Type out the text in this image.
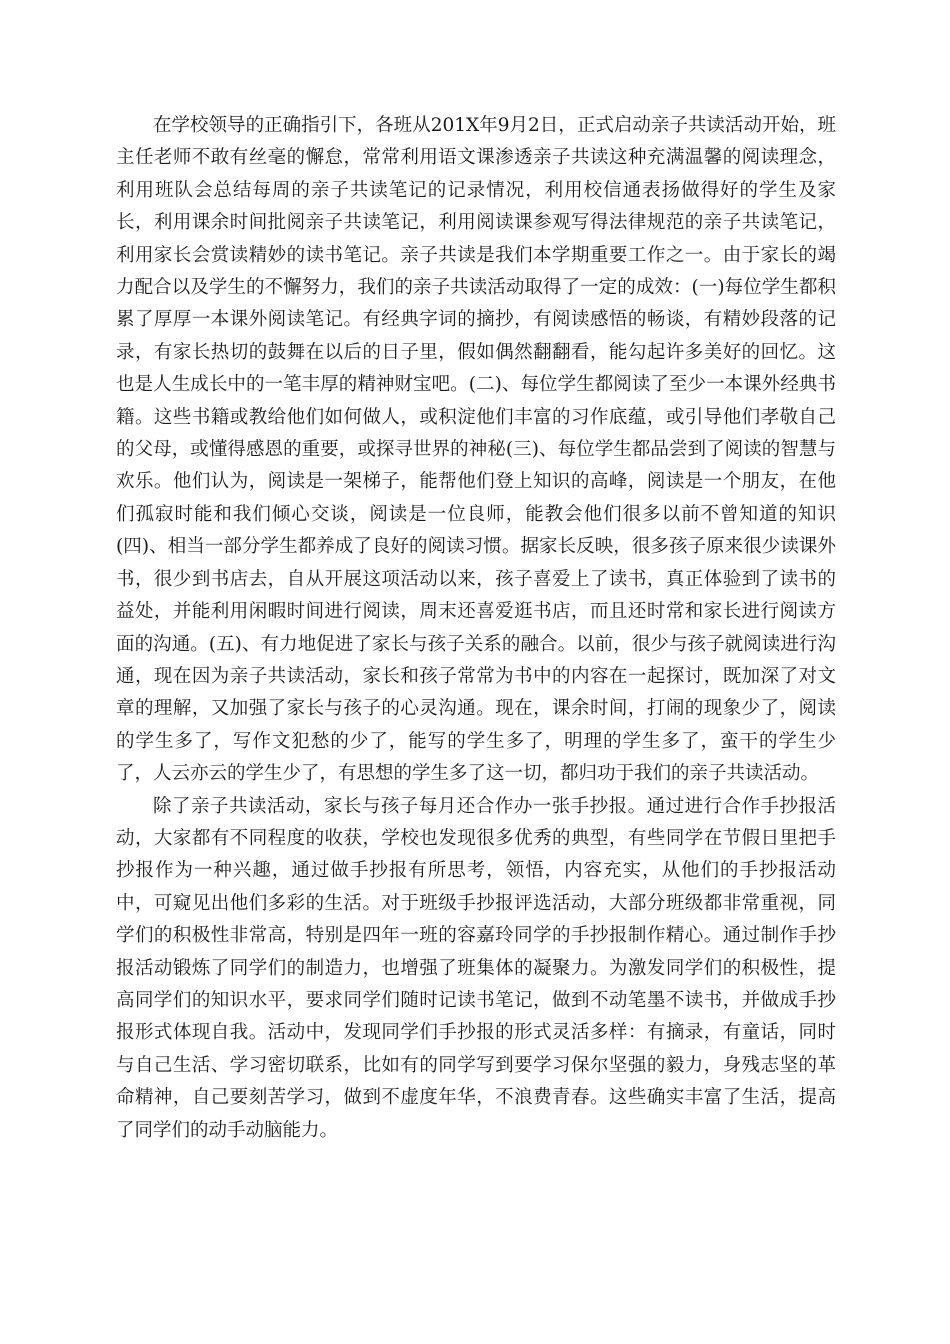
在学校领导的正确指引下，各班从201X年9月2日，正式启动亲子共读活动开始，班主任老师不敢有丝毫的懈怠，常常利用语文课渗透亲子共读这种充满温馨的阅读理念，利用班队会总结每周的亲子共读笔记的记录情况，利用校信通表扬做得好的学生及家长，利用课余时间批阅亲子共读笔记，利用阅读课参观写得法律规范的亲子共读笔记，利用家长会赏读精妙的读书笔记。亲子共读是我们本学期重要工作之一。由于家长的竭力配合以及学生的不懈努力，我们的亲子共读活动取得了一定的成效：(一)每位学生都积累了厚厚一本课外阅读笔记。有经典字词的摘抄，有阅读感悟的畅谈，有精妙段落的记录，有家长热切的鼓舞在以后的日子里，假如偶然翻翻看，能勾起许多美好的回忆。这也是人生成长中的一笔丰厚的精神财宝吧。(二)、每位学生都阅读了至少一本课外经典书籍。这些书籍或教给他们如何做人，或积淀他们丰富的习作底蕴，或引导他们孝敬自己的父母，或懂得感恩的重要，或探寻世界的神秘(三)、每位学生都品尝到了阅读的智慧与欢乐。他们认为，阅读是一架梯子，能帮他们登上知识的高峰，阅读是一个朋友，在他们孤寂时能和我们倾心交谈，阅读是一位良师，能教会他们很多以前不曾知道的知识(四)、相当一部分学生都养成了良好的阅读习惯。据家长反映，很多孩子原来很少读课外书，很少到书店去，自从开展这项活动以来，孩子喜爱上了读书，真正体验到了读书的益处，并能利用闲暇时间进行阅读，周末还喜爱逛书店，而且还时常和家长进行阅读方面的沟通。(五)、有力地促进了家长与孩子关系的融合。以前，很少与孩子就阅读进行沟通，现在因为亲子共读活动，家长和孩子常常为书中的内容在一起探讨，既加深了对文章的理解，又加强了家长与孩子的心灵沟通。现在，课余时间，打闹的现象少了，阅读的学生多了，写作文犯愁的少了，能写的学生多了，明理的学生多了，蛮干的学生少了，人云亦云的学生少了，有思想的学生多了这一切，都归功于我们的亲子共读活动。

除了亲子共读活动，家长与孩子每月还合作办一张手抄报。通过进行合作手抄报活动，大家都有不同程度的收获，学校也发现很多优秀的典型，有些同学在节假日里把手抄报作为一种兴趣，通过做手抄报有所思考，领悟，内容充实，从他们的手抄报活动中，可窥见出他们多彩的生活。对于班级手抄报评选活动，大部分班级都非常重视，同学们的积极性非常高，特别是四年一班的容嘉玲同学的手抄报制作精心。通过制作手抄报活动锻炼了同学们的制造力，也增强了班集体的凝聚力。为激发同学们的积极性，提高同学们的知识水平，要求同学们随时记读书笔记，做到不动笔墨不读书，并做成手抄报形式体现自我。活动中，发现同学们手抄报的形式灵活多样：有摘录，有童话，同时与自己生活、学习密切联系，比如有的同学写到要学习保尔坚强的毅力，身残志坚的革命精神，自己要刻苦学习，做到不虚度年华，不浪费青春。这些确实丰富了生活，提高了同学们的动手动脑能力。
